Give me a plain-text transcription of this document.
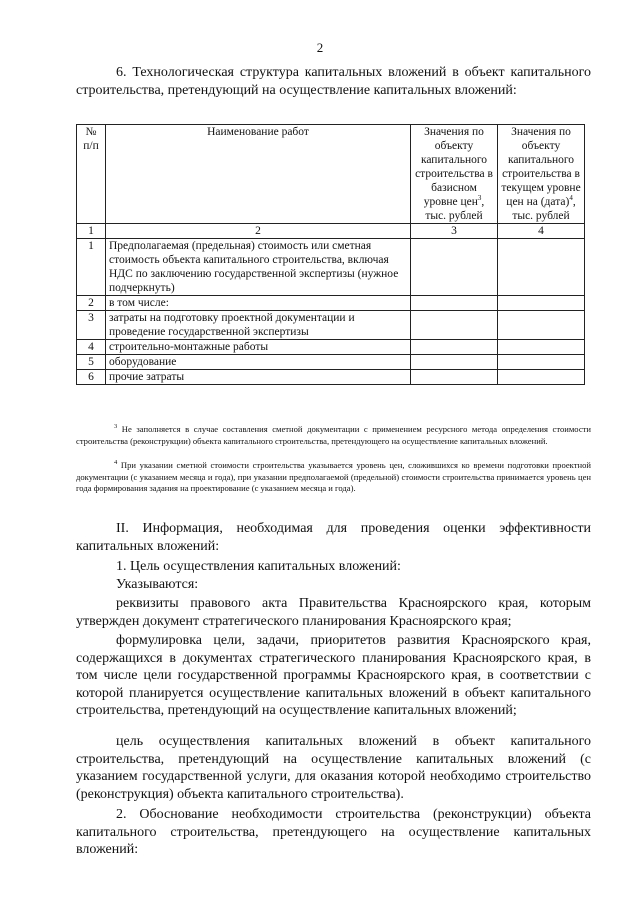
2

6. Технологическая структура капитальных вложений в объект капитального строительства, претендующий на осуществление капитальных вложений:

№ п/п	Наименование работ	Значения по объекту капитального строительства в базисном уровне цен$^3$, тыс. рублей	Значения по объекту капитального строительства в текущем уровне цен на (дата)$^4$, тыс. рублей
1	2	3	4
1	Предполагаемая (предельная) стоимость или сметная стоимость объекта капитального строительства, включая НДС по заключению государственной экспертизы (нужное подчеркнуть)		
2	в том числе:		
3	затраты на подготовку проектной документации и проведение государственной экспертизы		
4	строительно-монтажные работы		
5	оборудование		
6	прочие затраты		

$^3$ Не заполняется в случае составления сметной документации с применением ресурсного метода определения стоимости строительства (реконструкции) объекта капитального строительства, претендующего на осуществление капитальных вложений.

$^4$ При указании сметной стоимости строительства указывается уровень цен, сложившихся ко времени подготовки проектной документации (с указанием месяца и года), при указании предполагаемой (предельной) стоимости строительства принимается уровень цен года формирования задания на проектирование (с указанием месяца и года).

II. Информация, необходимая для проведения оценки эффективности капитальных вложений:

1. Цель осуществления капитальных вложений:

Указываются:

реквизиты правового акта Правительства Красноярского края, которым утвержден документ стратегического планирования Красноярского края;

формулировка цели, задачи, приоритетов развития Красноярского края, содержащихся в документах стратегического планирования Красноярского края, в том числе цели государственной программы Красноярского края, в соответствии с которой планируется осуществление капитальных вложений в объект капитального строительства, претендующий на осуществление капитальных вложений;

цель осуществления капитальных вложений в объект капитального строительства, претендующий на осуществление капитальных вложений (с указанием государственной услуги, для оказания которой необходимо строительство (реконструкция) объекта капитального строительства).

2. Обоснование необходимости строительства (реконструкции) объекта капитального строительства, претендующего на осуществление капитальных вложений:
